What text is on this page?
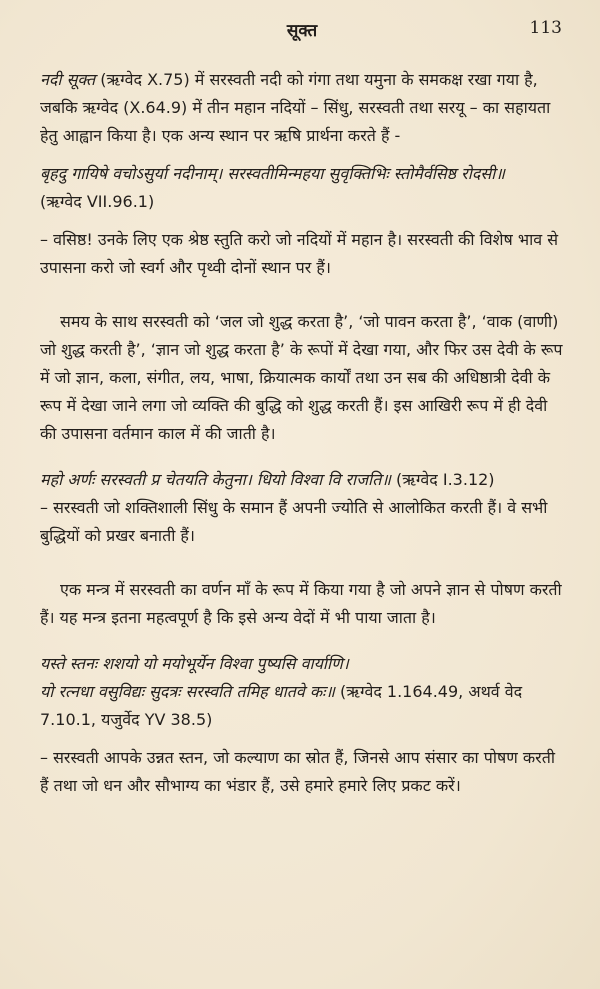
सूक्त	113

नदी सूक्त (ऋग्वेद X.75) में सरस्वती नदी को गंगा तथा यमुना के समकक्ष रखा गया है, जबकि ऋग्वेद (X.64.9) में तीन महान नदियों – सिंधु, सरस्वती तथा सरयू – का सहायता हेतु आह्वान किया है। एक अन्य स्थान पर ऋषि प्रार्थना करते हैं -

बृहदु गायिषे वचोऽसुर्या नदीनाम्। सरस्वतीमिन्महया सुवृक्तिभिः स्तोमैर्वसिष्ठ रोदसी॥
(ऋग्वेद VII.96.1)

– वसिष्ठ! उनके लिए एक श्रेष्ठ स्तुति करो जो नदियों में महान है। सरस्वती की विशेष भाव से उपासना करो जो स्वर्ग और पृथ्वी दोनों स्थान पर हैं।

समय के साथ सरस्वती को ‘जल जो शुद्ध करता है’, ‘जो पावन करता है’, ‘वाक (वाणी) जो शुद्ध करती है’, ‘ज्ञान जो शुद्ध करता है’ के रूपों में देखा गया, और फिर उस देवी के रूप में जो ज्ञान, कला, संगीत, लय, भाषा, क्रियात्मक कार्यों तथा उन सब की अधिष्ठात्री देवी के रूप में देखा जाने लगा जो व्यक्ति की बुद्धि को शुद्ध करती हैं। इस आखिरी रूप में ही देवी की उपासना वर्तमान काल में की जाती है।

महो अर्णः सरस्वती प्र चेतयति केतुना। धियो विश्वा वि राजति॥ (ऋग्वेद I.3.12)

– सरस्वती जो शक्तिशाली सिंधु के समान हैं अपनी ज्योति से आलोकित करती हैं। वे सभी बुद्धियों को प्रखर बनाती हैं।

एक मन्त्र में सरस्वती का वर्णन माँ के रूप में किया गया है जो अपने ज्ञान से पोषण करती हैं। यह मन्त्र इतना महत्वपूर्ण है कि इसे अन्य वेदों में भी पाया जाता है।

यस्ते स्तनः शशयो यो मयोभूर्येन विश्वा पुष्यसि वार्याणि।
यो रत्नधा वसुविद्यः सुदत्रः सरस्वति तमिह धातवे कः॥ (ऋग्वेद 1.164.49, अथर्व वेद 7.10.1, यजुर्वेद YV 38.5)

– सरस्वती आपके उन्नत स्तन, जो कल्याण का स्रोत हैं, जिनसे आप संसार का पोषण करती हैं तथा जो धन और सौभाग्य का भंडार हैं, उसे हमारे हमारे लिए प्रकट करें।
